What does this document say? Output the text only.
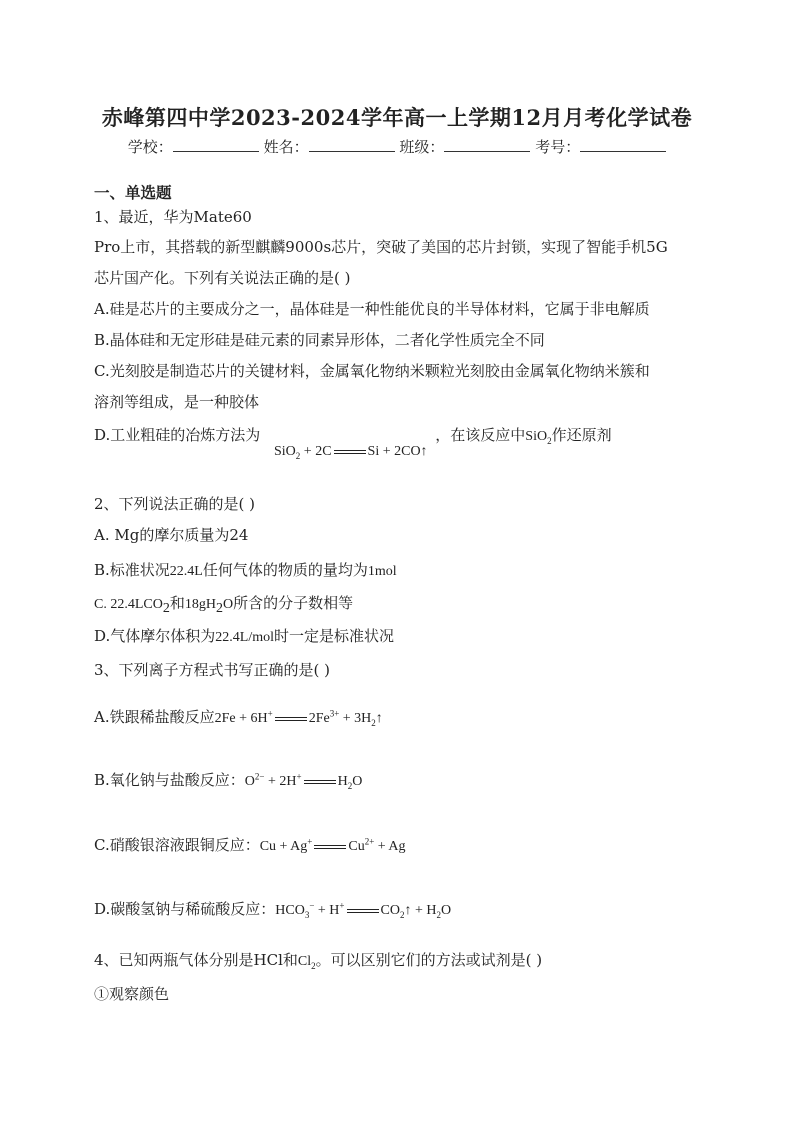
赤峰第四中学2023-2024学年高一上学期12月月考化学试卷
学校：	姓名：	班级：	考号：
一、单选题
1、最近，华为Mate60
Pro上市，其搭载的新型麒麟9000s芯片，突破了美国的芯片封锁，实现了智能手机5G
芯片国产化。下列有关说法正确的是( )
A.硅是芯片的主要成分之一，晶体硅是一种性能优良的半导体材料，它属于非电解质
B.晶体硅和无定形硅是硅元素的同素异形体，二者化学性质完全不同
C.光刻胶是制造芯片的关键材料，金属氧化物纳米颗粒光刻胶由金属氧化物纳米簇和
溶剂等组成，是一种胶体
D.工业粗硅的冶炼方法为	，在该反应中SiO$_2$作还原剂
SiO$_2$ + 2C	Si + 2CO↑
2、下列说法正确的是( )
A. Mg的摩尔质量为24
B.标准状况22.4L任何气体的物质的量均为1mol
C. $22.4LCO_2$和$18gH_2O$所含的分子数相等
D.气体摩尔体积为22.4L/mol时一定是标准状况
3、下列离子方程式书写正确的是( )
A.铁跟稀盐酸反应2Fe + 6H+	$2Fe^{3+}$ + $3H_2↑$
B.氧化钠与盐酸反应：$O^{2-} + 2H^+$	$H_2O$
C.硝酸银溶液跟铜反应：Cu + Ag+	$Cu^{2+} + Ag$
D.碳酸氢钠与稀硫酸反应：$HCO_3^- + H^+$	$CO_2↑ + H_2O$
4、已知两瓶气体分别是HCl和$Cl_2$。可以区别它们的方法或试剂是( )
①观察颜色
